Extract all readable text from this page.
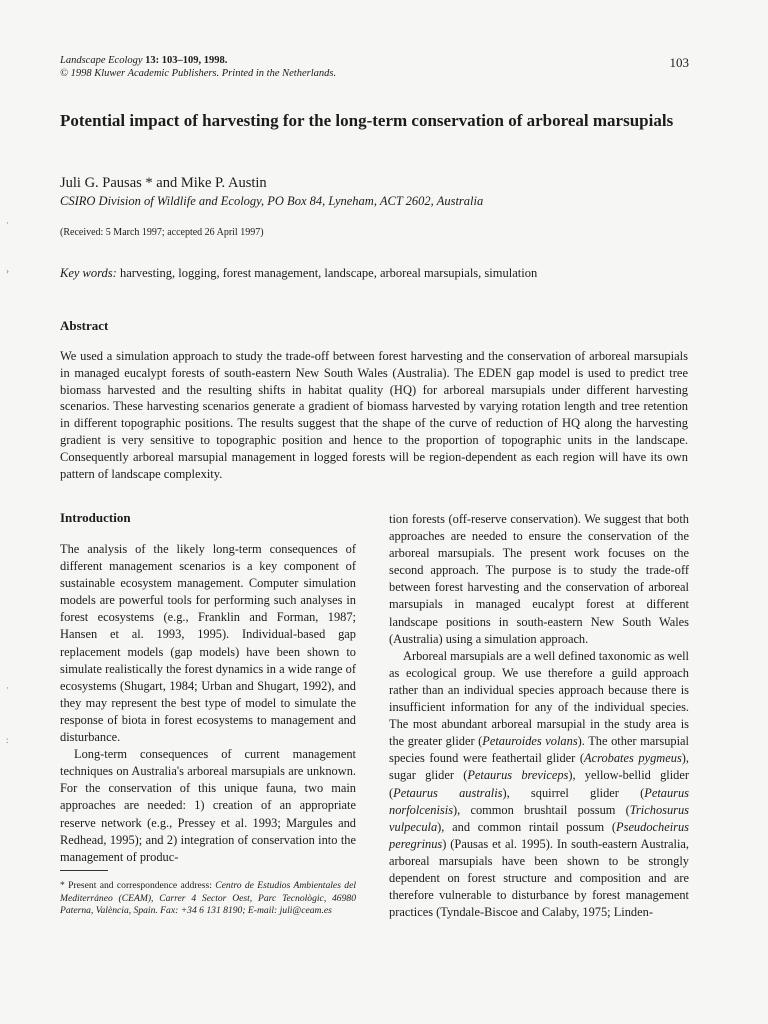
·
›
·
:
Landscape Ecology 13: 103–109, 1998.
© 1998 Kluwer Academic Publishers. Printed in the Netherlands.
103
Potential impact of harvesting for the long-term conservation of arboreal marsupials
Juli G. Pausas * and Mike P. Austin
CSIRO Division of Wildlife and Ecology, PO Box 84, Lyneham, ACT 2602, Australia
(Received: 5 March 1997; accepted 26 April 1997)
Key words: harvesting, logging, forest management, landscape, arboreal marsupials, simulation
Abstract
We used a simulation approach to study the trade-off between forest harvesting and the conservation of arboreal marsupials in managed eucalypt forests of south-eastern New South Wales (Australia). The EDEN gap model is used to predict tree biomass harvested and the resulting shifts in habitat quality (HQ) for arboreal marsupials under different harvesting scenarios. These harvesting scenarios generate a gradient of biomass harvested by varying rotation length and tree retention in different topographic positions. The results suggest that the shape of the curve of reduction of HQ along the harvesting gradient is very sensitive to topographic position and hence to the proportion of topographic units in the landscape. Consequently arboreal marsupial management in logged forests will be region-dependent as each region will have its own pattern of landscape complexity.
Introduction

The analysis of the likely long-term consequences of different management scenarios is a key component of sustainable ecosystem management. Computer simulation models are powerful tools for performing such analyses in forest ecosystems (e.g., Franklin and Forman, 1987; Hansen et al. 1993, 1995). Individual-based gap replacement models (gap models) have been shown to simulate realistically the forest dynamics in a wide range of ecosystems (Shugart, 1984; Urban and Shugart, 1992), and they may represent the best type of model to simulate the response of biota in forest ecosystems to management and disturbance.

Long-term consequences of current management techniques on Australia's arboreal marsupials are unknown. For the conservation of this unique fauna, two main approaches are needed: 1) creation of an appropriate reserve network (e.g., Pressey et al. 1993; Margules and Redhead, 1995); and 2) integration of conservation into the management of produc-

tion forests (off-reserve conservation). We suggest that both approaches are needed to ensure the conservation of the arboreal marsupials. The present work focuses on the second approach. The purpose is to study the trade-off between forest harvesting and the conservation of arboreal marsupials in managed eucalypt forest at different landscape positions in south-eastern New South Wales (Australia) using a simulation approach.

Arboreal marsupials are a well defined taxonomic as well as ecological group. We use therefore a guild approach rather than an individual species approach because there is insufficient information for any of the individual species. The most abundant arboreal marsupial in the study area is the greater glider (Petauroides volans). The other marsupial species found were feathertail glider (Acrobates pygmeus), sugar glider (Petaurus breviceps), yellow-bellid glider (Petaurus australis), squirrel glider (Petaurus norfolcenisis), common brushtail possum (Trichosurus vulpecula), and common rintail possum (Pseudocheirus peregrinus) (Pausas et al. 1995). In south-eastern Australia, arboreal marsupials have been shown to be strongly dependent on forest structure and composition and are therefore vulnerable to disturbance by forest management practices (Tyndale-Biscoe and Calaby, 1975; Linden-

* Present and correspondence address: Centro de Estudios Ambientales del Mediterráneo (CEAM), Carrer 4 Sector Oest, Parc Tecnològic, 46980 Paterna, València, Spain. Fax: +34 6 131 8190; E-mail: juli@ceam.es
